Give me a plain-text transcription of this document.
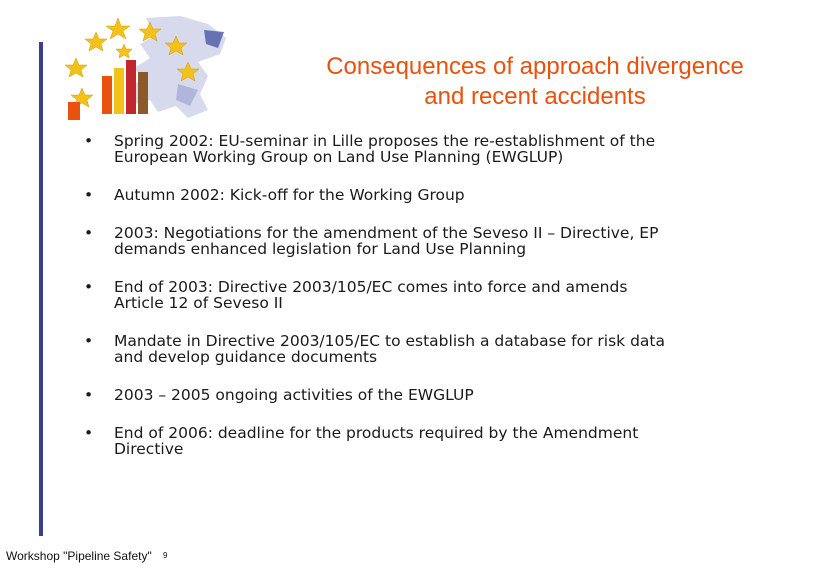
Consequences of approach divergence
and recent accidents
•	Spring 2002: EU-seminar in Lille proposes the re-establishment of the
European Working Group on Land Use Planning (EWGLUP)
•	Autumn 2002: Kick-off for the Working Group
•	2003: Negotiations for the amendment of the Seveso II – Directive, EP
demands enhanced legislation for Land Use Planning
•	End of 2003: Directive 2003/105/EC comes into force and amends
Article 12 of Seveso II
•	Mandate in Directive 2003/105/EC to establish a database for risk data
and develop guidance documents
•	2003 – 2005 ongoing activities of the EWGLUP
•	End of 2006: deadline for the products required by the Amendment
Directive
Workshop "Pipeline Safety" 9
